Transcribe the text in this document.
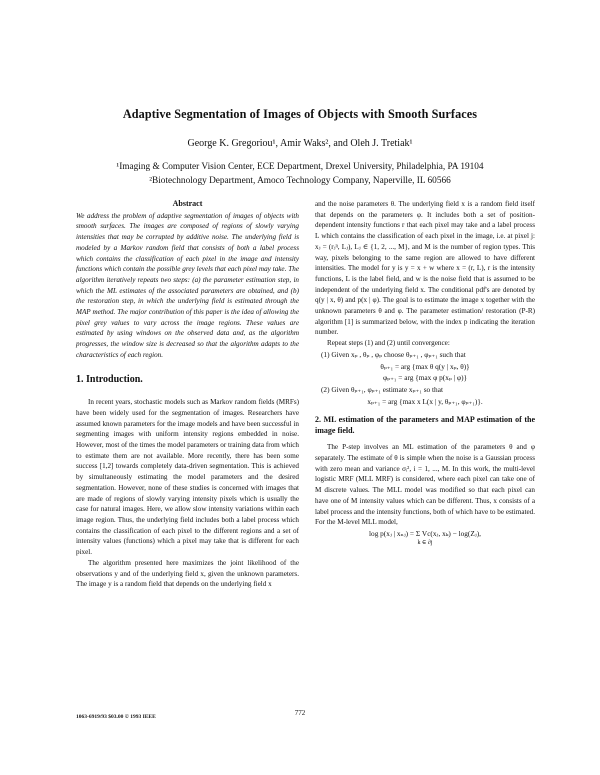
Adaptive Segmentation of Images of Objects with Smooth Surfaces
George K. Gregoriou¹, Amir Waks², and Oleh J. Tretiak¹
¹Imaging & Computer Vision Center, ECE Department, Drexel University, Philadelphia, PA 19104
²Biotechnology Department, Amoco Technology Company, Naperville, IL 60566
Abstract

We address the problem of adaptive segmentation of images of objects with smooth surfaces. The images are composed of regions of slowly varying intensities that may be corrupted by additive noise. The underlying field is modeled by a Markov random field that consists of both a label process which contains the classification of each pixel in the image and intensity functions which contain the possible grey levels that each pixel may take. The algorithm iteratively repeats two steps: (a) the parameter estimation step, in which the ML estimates of the associated parameters are obtained, and (b) the restoration step, in which the underlying field is estimated through the MAP method. The major contribution of this paper is the idea of allowing the pixel grey values to vary across the image regions. These values are estimated by using windows on the observed data and, as the algorithm progresses, the window size is decreased so that the algorithm adapts to the characteristics of each region.

1. Introduction.

In recent years, stochastic models such as Markov random fields (MRFs) have been widely used for the segmentation of images. Researchers have assumed known parameters for the image models and have been successful in segmenting images with uniform intensity regions embedded in noise. However, most of the times the model parameters or training data from which to estimate them are not available. More recently, there has been some success [1,2] towards completely data-driven segmentation. This is achieved by simultaneously estimating the model parameters and the desired segmentation. However, none of these studies is concerned with images that are made of regions of slowly varying intensity pixels which is usually the case for natural images. Here, we allow slow intensity variations within each image region. Thus, the underlying field includes both a label process which contains the classification of each pixel to the different regions and a set of intensity values (functions) which a pixel may take that is different for each pixel.

The algorithm presented here maximizes the joint likelihood of the observations y and of the underlying field x, given the unknown parameters. The image y is a random field that depends on the underlying field x

and the noise parameters θ. The underlying field x is a random field itself that depends on the parameters φ. It includes both a set of position-dependent intensity functions r that each pixel may take and a label process L which contains the classification of each pixel in the image, i.e. at pixel j: xⱼ = (rⱼˡʲ, Lⱼ), Lⱼ ∈ {1, 2, ..., M}, and M is the number of region types. This way, pixels belonging to the same region are allowed to have different intensities. The model for y is y = x + w where x = (r, L), r is the intensity functions, L is the label field, and w is the noise field that is assumed to be independent of the underlying field x. The conditional pdf's are denoted by q(y | x, θ) and p(x | φ). The goal is to estimate the image x together with the unknown parameters θ and φ. The parameter estimation/ restoration (P-R) algorithm [1] is summarized below, with the index p indicating the iteration number.

Repeat steps (1) and (2) until convergence:

(1) Given xₚ , θₚ , φₚ choose θₚ₊₁ , φₚ₊₁ such that
θₚ₊₁ = arg {max θ q(y | xₚ, θ)}
φₚ₊₁ = arg {max φ p(xₚ | φ)}
(2) Given θₚ₊₁, φₚ₊₁ estimate xₚ₊₁ so that
xₚ₊₁ = arg {max x L(x | y, θₚ₊₁, φₚ₊₁)}.
2. ML estimation of the parameters and MAP estimation of the image field.

The P-step involves an ML estimation of the parameters θ and φ separately. The estimate of θ is simple when the noise is a Gaussian process with zero mean and variance σᵢ², i = 1, ..., M. In this work, the multi-level logistic MRF (MLL MRF) is considered, where each pixel can take one of M discrete values. The MLL model was modified so that each pixel can have one of M intensity values which can be different. Thus, x consists of a label process and the intensity functions, both of which have to be estimated. For the M-level MLL model,

log p(xⱼ | xₙⱼ) = Σ Vc(xⱼ, xₖ) − log(Zⱼ),
k ∈ ∂j
772
1063-6919/93 $03.00 © 1993 IEEE
